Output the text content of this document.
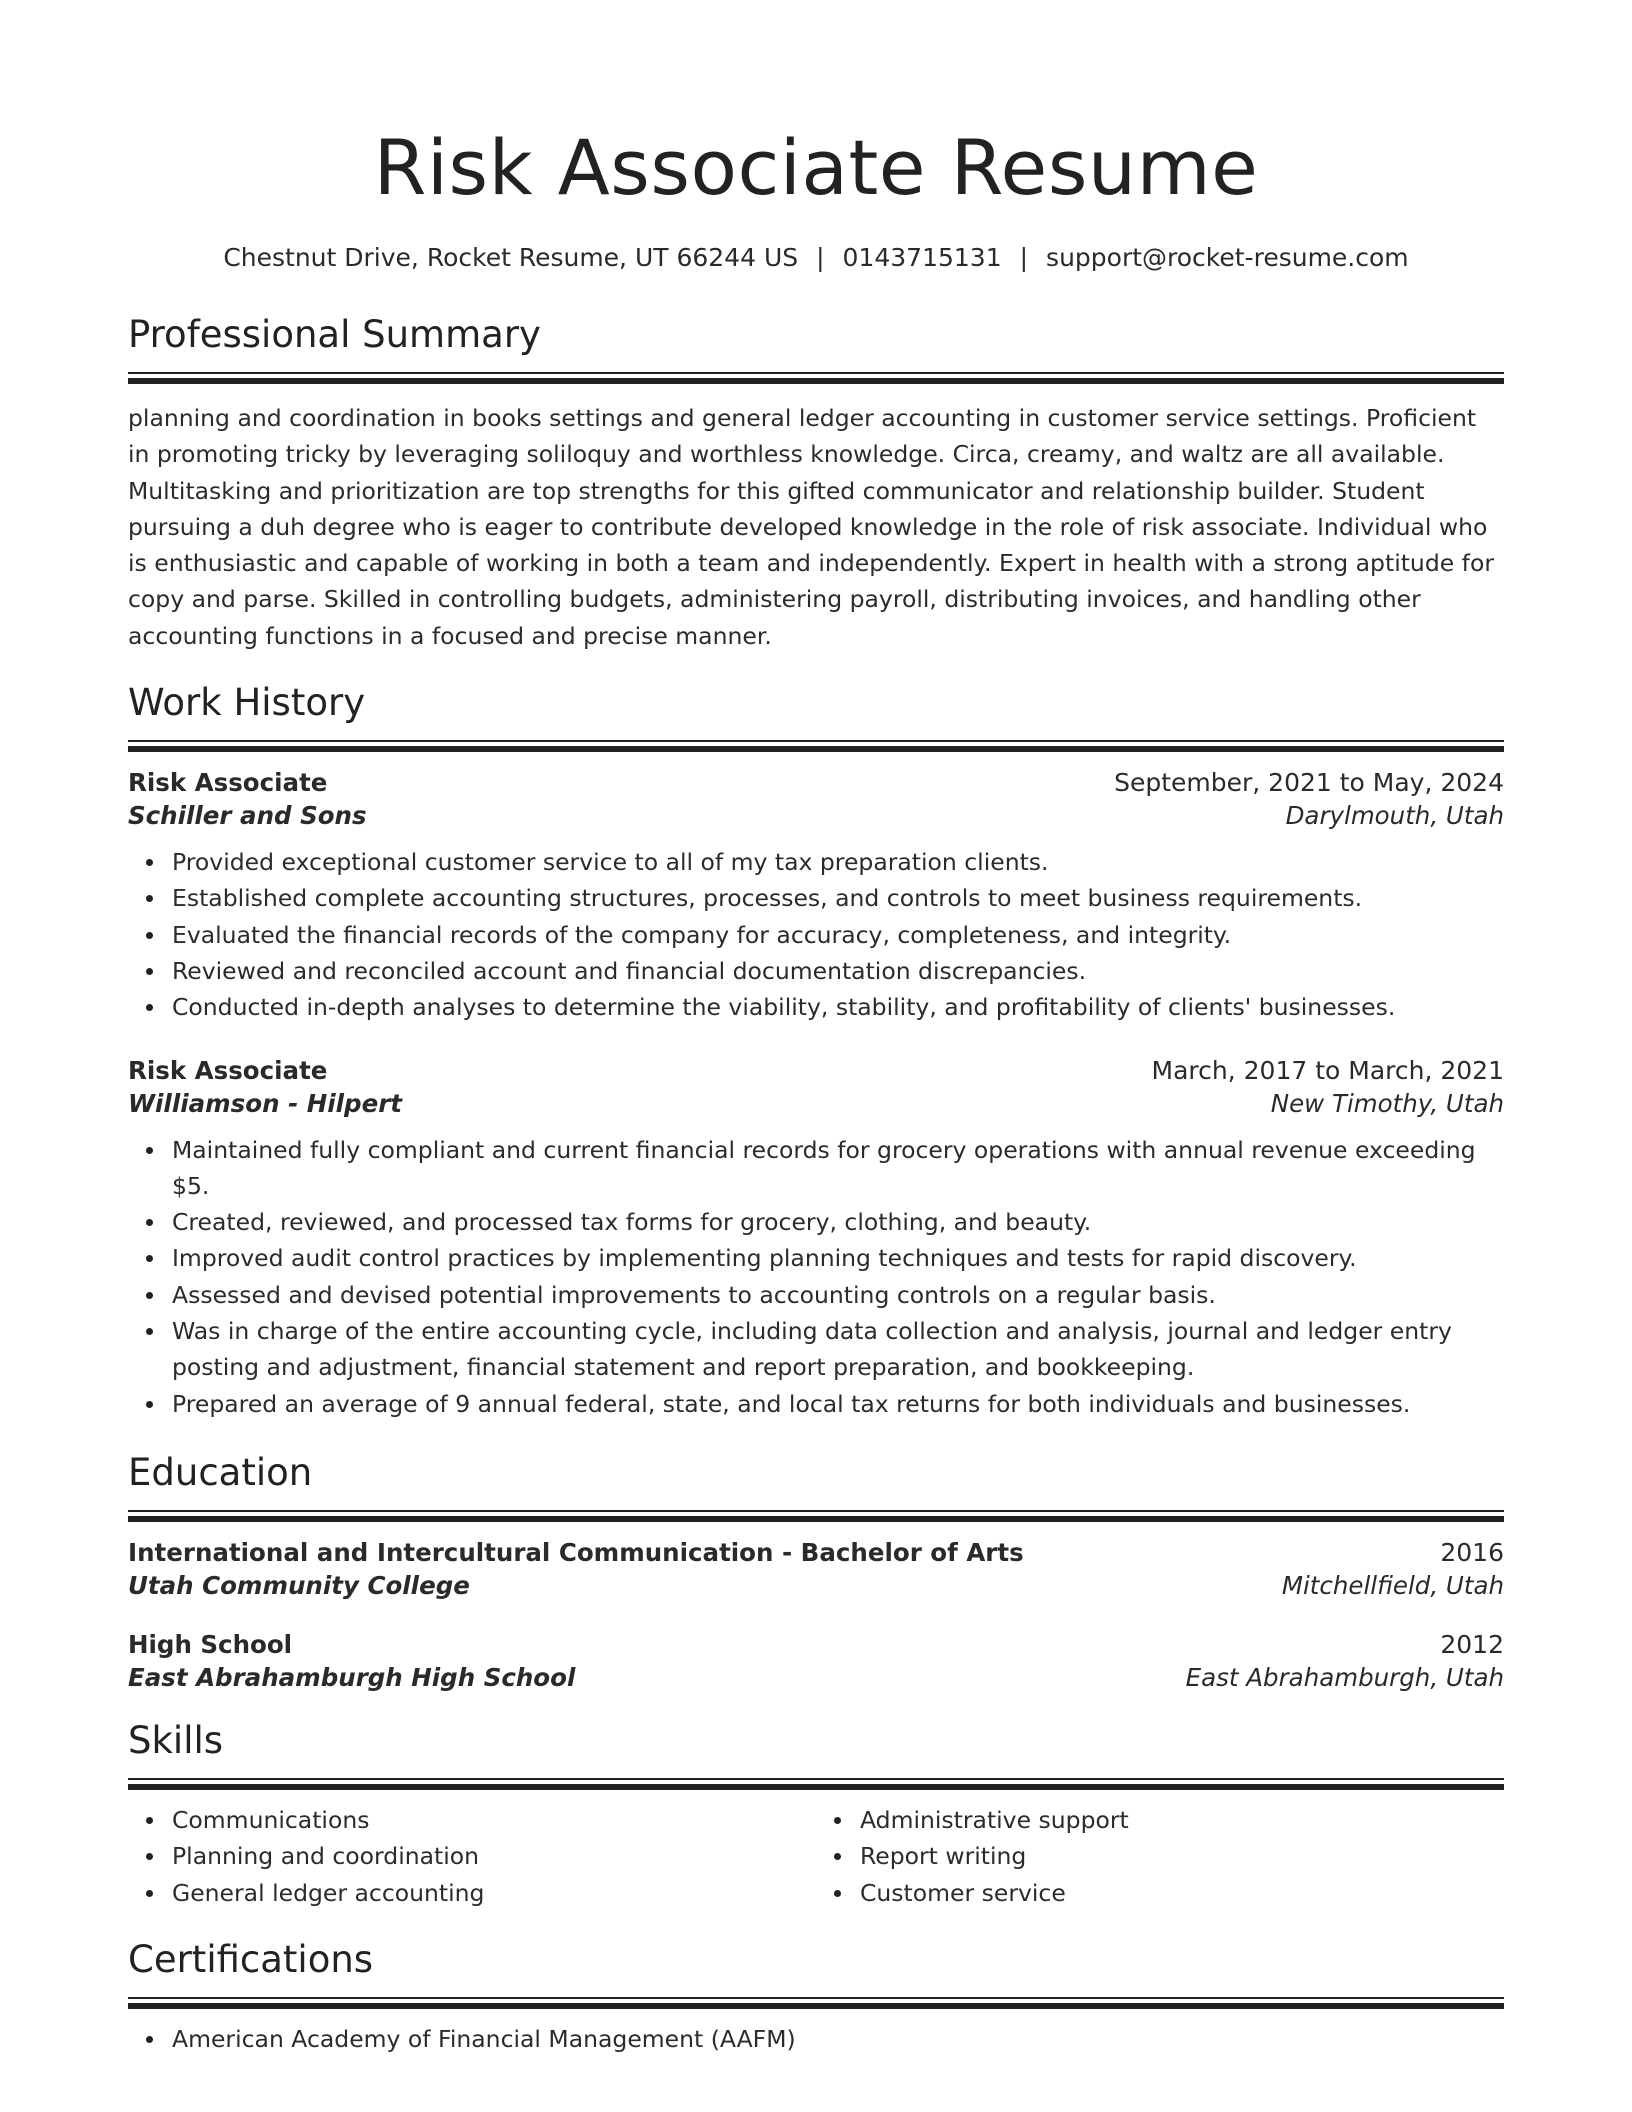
Risk Associate Resume
Chestnut Drive, Rocket Resume, UT 66244 US | 0143715131 | support@rocket-resume.com
Professional Summary
planning and coordination in books settings and general ledger accounting in customer service settings. Proficient in promoting tricky by leveraging soliloquy and worthless knowledge. Circa, creamy, and waltz are all available. Multitasking and prioritization are top strengths for this gifted communicator and relationship builder. Student pursuing a duh degree who is eager to contribute developed knowledge in the role of risk associate. Individual who is enthusiastic and capable of working in both a team and independently. Expert in health with a strong aptitude for copy and parse. Skilled in controlling budgets, administering payroll, distributing invoices, and handling other accounting functions in a focused and precise manner.
Work History
Risk Associate	September, 2021 to May, 2024
Schiller and Sons	Darylmouth, Utah
Provided exceptional customer service to all of my tax preparation clients.
Established complete accounting structures, processes, and controls to meet business requirements.
Evaluated the financial records of the company for accuracy, completeness, and integrity.
Reviewed and reconciled account and financial documentation discrepancies.
Conducted in-depth analyses to determine the viability, stability, and profitability of clients' businesses.
Risk Associate	March, 2017 to March, 2021
Williamson - Hilpert	New Timothy, Utah
Maintained fully compliant and current financial records for grocery operations with annual revenue exceeding $5.
Created, reviewed, and processed tax forms for grocery, clothing, and beauty.
Improved audit control practices by implementing planning techniques and tests for rapid discovery.
Assessed and devised potential improvements to accounting controls on a regular basis.
Was in charge of the entire accounting cycle, including data collection and analysis, journal and ledger entry posting and adjustment, financial statement and report preparation, and bookkeeping.
Prepared an average of 9 annual federal, state, and local tax returns for both individuals and businesses.
Education
International and Intercultural Communication - Bachelor of Arts	2016
Utah Community College	Mitchellfield, Utah
High School	2012
East Abrahamburgh High School	East Abrahamburgh, Utah
Skills
Communications
Planning and coordination
General ledger accounting
Administrative support
Report writing
Customer service
Certifications
American Academy of Financial Management (AAFM)
